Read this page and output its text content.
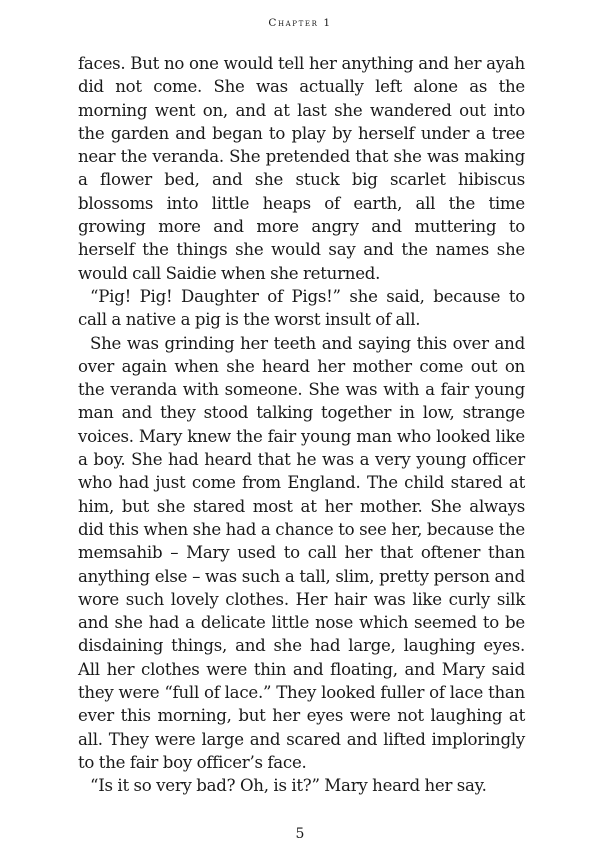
Chapter 1

faces. But no one would tell her anything and her ayah did not come. She was actually left alone as the morning went on, and at last she wandered out into the garden and began to play by herself under a tree near the veranda. She pretended that she was making a flower bed, and she stuck big scarlet hibiscus blossoms into little heaps of earth, all the time growing more and more angry and muttering to herself the things she would say and the names she would call Saidie when she returned.

“Pig! Pig! Daughter of Pigs!” she said, because to call a native a pig is the worst insult of all.

She was grinding her teeth and saying this over and over again when she heard her mother come out on the veranda with someone. She was with a fair young man and they stood talking together in low, strange voices. Mary knew the fair young man who looked like a boy. She had heard that he was a very young officer who had just come from England. The child stared at him, but she stared most at her mother. She always did this when she had a chance to see her, because the memsahib – Mary used to call her that oftener than anything else – was such a tall, slim, pretty person and wore such lovely clothes. Her hair was like curly silk and she had a delicate little nose which seemed to be disdaining things, and she had large, laughing eyes. All her clothes were thin and floating, and Mary said they were “full of lace.” They looked fuller of lace than ever this morning, but her eyes were not laughing at all. They were large and scared and lifted imploringly to the fair boy officer’s face.

“Is it so very bad? Oh, is it?” Mary heard her say.

5
